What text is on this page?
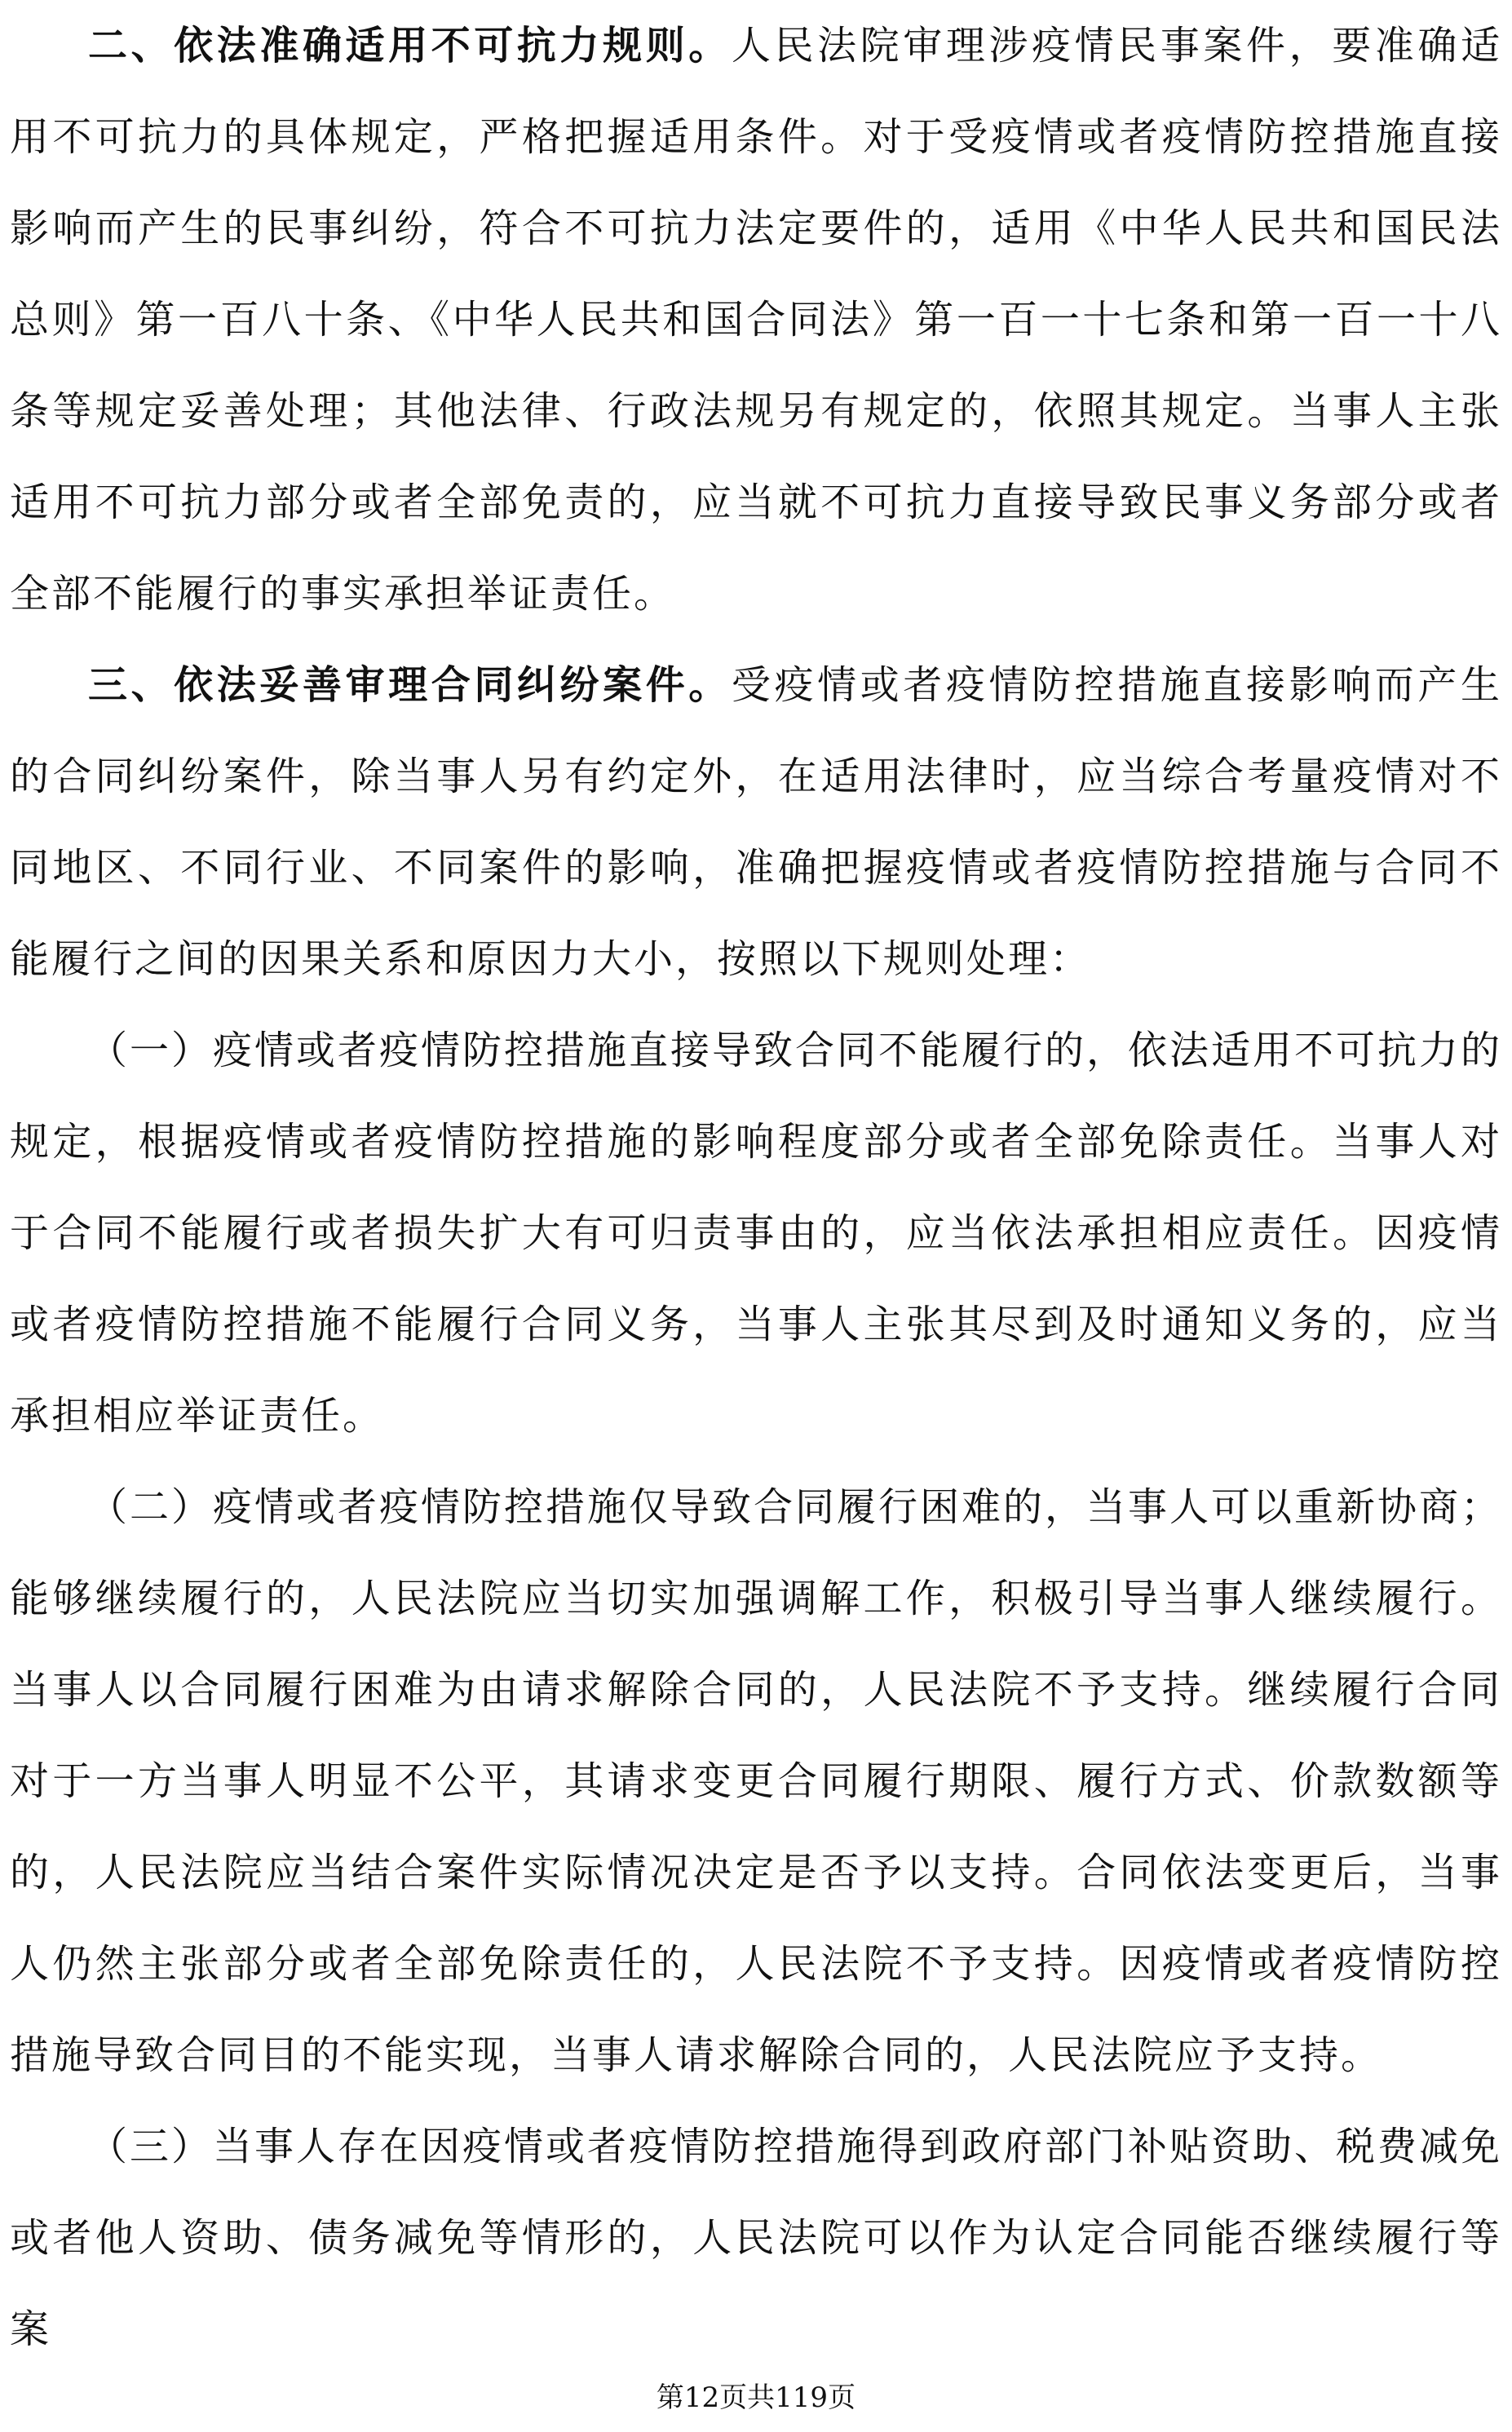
二、依法准确适用不可抗力规则。人民法院审理涉疫情民事案件，要准确适用不可抗力的具体规定，严格把握适用条件。对于受疫情或者疫情防控措施直接影响而产生的民事纠纷，符合不可抗力法定要件的，适用《中华人民共和国民法总则》第一百八十条、《中华人民共和国合同法》第一百一十七条和第一百一十八条等规定妥善处理；其他法律、行政法规另有规定的，依照其规定。当事人主张适用不可抗力部分或者全部免责的，应当就不可抗力直接导致民事义务部分或者全部不能履行的事实承担举证责任。

三、依法妥善审理合同纠纷案件。受疫情或者疫情防控措施直接影响而产生的合同纠纷案件，除当事人另有约定外，在适用法律时，应当综合考量疫情对不同地区、不同行业、不同案件的影响，准确把握疫情或者疫情防控措施与合同不能履行之间的因果关系和原因力大小，按照以下规则处理：

（一）疫情或者疫情防控措施直接导致合同不能履行的，依法适用不可抗力的规定，根据疫情或者疫情防控措施的影响程度部分或者全部免除责任。当事人对于合同不能履行或者损失扩大有可归责事由的，应当依法承担相应责任。因疫情或者疫情防控措施不能履行合同义务，当事人主张其尽到及时通知义务的，应当承担相应举证责任。

（二）疫情或者疫情防控措施仅导致合同履行困难的，当事人可以重新协商；能够继续履行的，人民法院应当切实加强调解工作，积极引导当事人继续履行。当事人以合同履行困难为由请求解除合同的，人民法院不予支持。继续履行合同对于一方当事人明显不公平，其请求变更合同履行期限、履行方式、价款数额等的，人民法院应当结合案件实际情况决定是否予以支持。合同依法变更后，当事人仍然主张部分或者全部免除责任的，人民法院不予支持。因疫情或者疫情防控措施导致合同目的不能实现，当事人请求解除合同的，人民法院应予支持。

（三）当事人存在因疫情或者疫情防控措施得到政府部门补贴资助、税费减免或者他人资助、债务减免等情形的，人民法院可以作为认定合同能否继续履行等案

第12页共119页
